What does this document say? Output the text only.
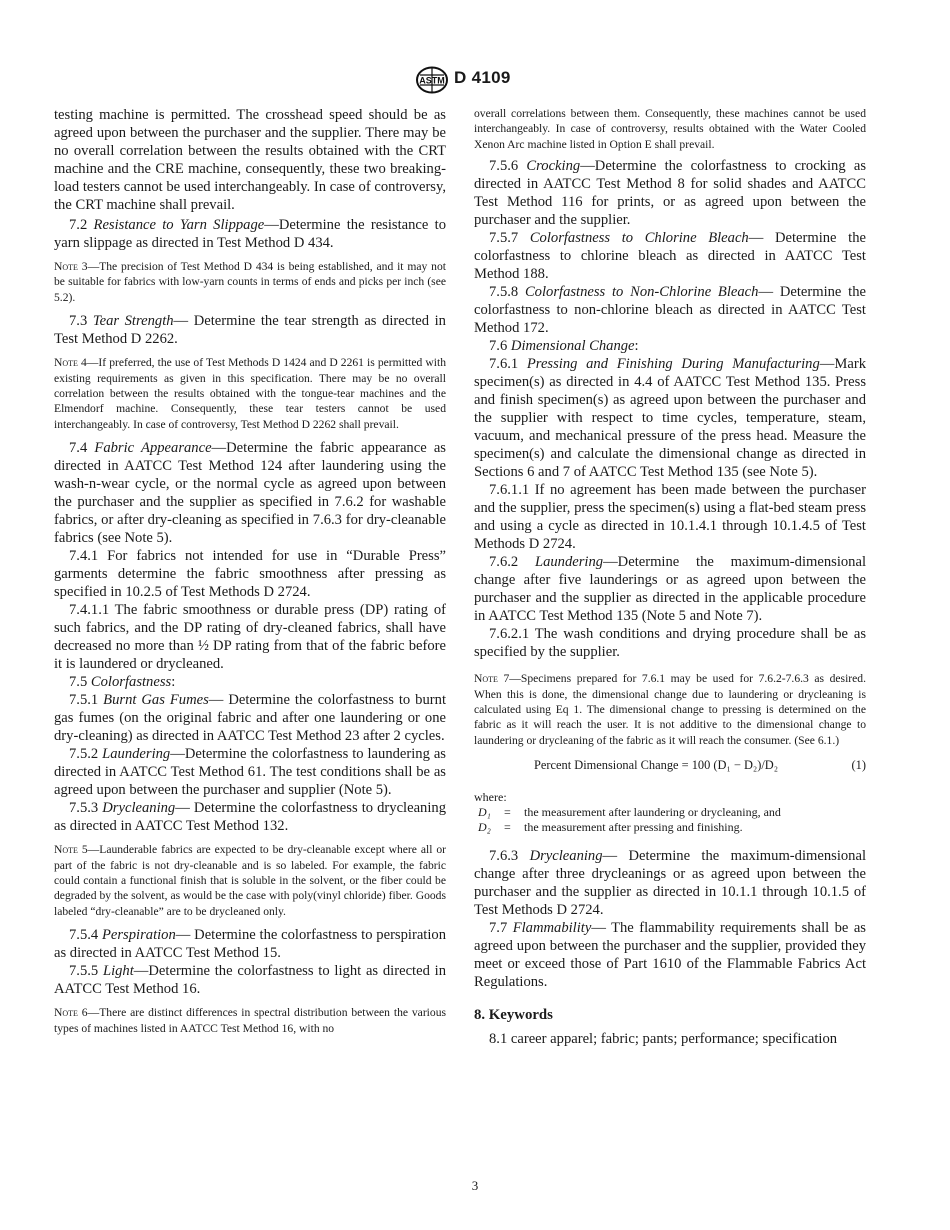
ASTM D 4109

testing machine is permitted. The crosshead speed should be as agreed upon between the purchaser and the supplier. There may be no overall correlation between the results obtained with the CRT machine and the CRE machine, consequently, these two breaking-load testers cannot be used interchangeably. In case of controversy, the CRT machine shall prevail.

7.2 Resistance to Yarn Slippage—Determine the resistance to yarn slippage as directed in Test Method D 434.

Note 3—The precision of Test Method D 434 is being established, and it may not be suitable for fabrics with low-yarn counts in terms of ends and picks per inch (see 5.2).

7.3 Tear Strength— Determine the tear strength as directed in Test Method D 2262.

Note 4—If preferred, the use of Test Methods D 1424 and D 2261 is permitted with existing requirements as given in this specification. There may be no overall correlation between the results obtained with the tongue-tear machines and the Elmendorf machine. Consequently, these tear testers cannot be used interchangeably. In case of controversy, Test Method D 2262 shall prevail.

7.4 Fabric Appearance—Determine the fabric appearance as directed in AATCC Test Method 124 after laundering using the wash-n-wear cycle, or the normal cycle as agreed upon between the purchaser and the supplier as specified in 7.6.2 for washable fabrics, or after dry-cleaning as specified in 7.6.3 for dry-cleanable fabrics (see Note 5).

7.4.1 For fabrics not intended for use in “Durable Press” garments determine the fabric smoothness after pressing as specified in 10.2.5 of Test Methods D 2724.

7.4.1.1 The fabric smoothness or durable press (DP) rating of such fabrics, and the DP rating of dry-cleaned fabrics, shall have decreased no more than ½ DP rating from that of the fabric before it is laundered or drycleaned.

7.5 Colorfastness:

7.5.1 Burnt Gas Fumes— Determine the colorfastness to burnt gas fumes (on the original fabric and after one laundering or one dry-cleaning) as directed in AATCC Test Method 23 after 2 cycles.

7.5.2 Laundering—Determine the colorfastness to laundering as directed in AATCC Test Method 61. The test conditions shall be as agreed upon between the purchaser and supplier (Note 5).

7.5.3 Drycleaning— Determine the colorfastness to drycleaning as directed in AATCC Test Method 132.

Note 5—Launderable fabrics are expected to be dry-cleanable except where all or part of the fabric is not dry-cleanable and is so labeled. For example, the fabric could contain a functional finish that is soluble in the solvent, or the fiber could be degraded by the solvent, as would be the case with poly(vinyl chloride) fiber. Goods labeled “dry-cleanable” are to be drycleaned only.

7.5.4 Perspiration— Determine the colorfastness to perspiration as directed in AATCC Test Method 15.

7.5.5 Light—Determine the colorfastness to light as directed in AATCC Test Method 16.

Note 6—There are distinct differences in spectral distribution between the various types of machines listed in AATCC Test Method 16, with no

overall correlations between them. Consequently, these machines cannot be used interchangeably. In case of controversy, results obtained with the Water Cooled Xenon Arc machine listed in Option E shall prevail.

7.5.6 Crocking—Determine the colorfastness to crocking as directed in AATCC Test Method 8 for solid shades and AATCC Test Method 116 for prints, or as agreed upon between the purchaser and the supplier.

7.5.7 Colorfastness to Chlorine Bleach— Determine the colorfastness to chlorine bleach as directed in AATCC Test Method 188.

7.5.8 Colorfastness to Non-Chlorine Bleach— Determine the colorfastness to non-chlorine bleach as directed in AATCC Test Method 172.

7.6 Dimensional Change:

7.6.1 Pressing and Finishing During Manufacturing—Mark specimen(s) as directed in 4.4 of AATCC Test Method 135. Press and finish specimen(s) as agreed upon between the purchaser and the supplier with respect to time cycles, temperature, steam, vacuum, and mechanical pressure of the press head. Measure the specimen(s) and calculate the dimensional change as directed in Sections 6 and 7 of AATCC Test Method 135 (see Note 5).

7.6.1.1 If no agreement has been made between the purchaser and the supplier, press the specimen(s) using a flat-bed steam press and using a cycle as directed in 10.1.4.1 through 10.1.4.5 of Test Methods D 2724.

7.6.2 Laundering—Determine the maximum-dimensional change after five launderings or as agreed upon between the purchaser and the supplier as directed in the applicable procedure in AATCC Test Method 135 (Note 5 and Note 7).

7.6.2.1 The wash conditions and drying procedure shall be as specified by the supplier.

Note 7—Specimens prepared for 7.6.1 may be used for 7.6.2-7.6.3 as desired. When this is done, the dimensional change due to laundering or drycleaning is calculated using Eq 1. The dimensional change to pressing is determined on the fabric as it will reach the user. It is not additive to the dimensional change to laundering or drycleaning of the fabric as it will reach the consumer. (See 6.1.)

Percent Dimensional Change = 100 (D₁ − D₂)/D₂	(1)
where:
D₁ = the measurement after laundering or drycleaning, and
D₂ = the measurement after pressing and finishing.

7.6.3 Drycleaning— Determine the maximum-dimensional change after three drycleanings or as agreed upon between the purchaser and the supplier as directed in 10.1.1 through 10.1.5 of Test Methods D 2724.

7.7 Flammability— The flammability requirements shall be as agreed upon between the purchaser and the supplier, provided they meet or exceed those of Part 1610 of the Flammable Fabrics Act Regulations.

8. Keywords

8.1 career apparel; fabric; pants; performance; specification

3
